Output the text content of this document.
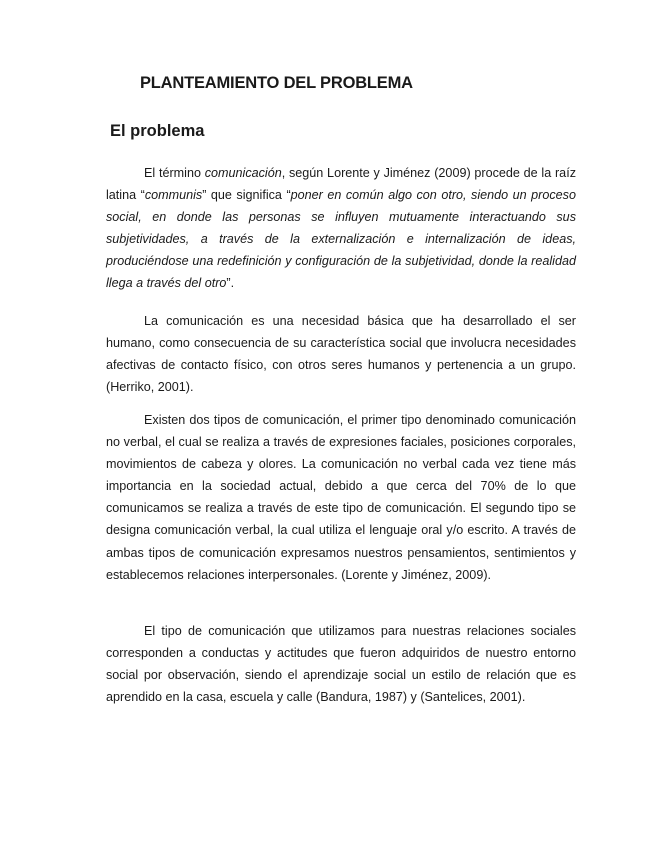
PLANTEAMIENTO DEL PROBLEMA
El problema

El término comunicación, según Lorente y Jiménez (2009) procede de la raíz latina “communis” que significa “poner en común algo con otro, siendo un proceso social, en donde las personas se influyen mutuamente interactuando sus subjetividades, a través de la externalización e internalización de ideas, produciéndose una redefinición y configuración de la subjetividad, donde la realidad llega a través del otro”.

La comunicación es una necesidad básica que ha desarrollado el ser humano, como consecuencia de su característica social que involucra necesidades afectivas de contacto físico, con otros seres humanos y pertenencia a un grupo. (Herriko, 2001).

Existen dos tipos de comunicación, el primer tipo denominado comunicación no verbal, el cual se realiza a través de expresiones faciales, posiciones corporales, movimientos de cabeza y olores. La comunicación no verbal cada vez tiene más importancia en la sociedad actual, debido a que cerca del 70% de lo que comunicamos se realiza a través de este tipo de comunicación. El segundo tipo se designa comunicación verbal, la cual utiliza el lenguaje oral y/o escrito. A través de ambas tipos de comunicación expresamos nuestros pensamientos, sentimientos y establecemos relaciones interpersonales. (Lorente y Jiménez, 2009).

El tipo de comunicación que utilizamos para nuestras relaciones sociales corresponden a conductas y actitudes que fueron adquiridos de nuestro entorno social por observación, siendo el aprendizaje social un estilo de relación que es aprendido en la casa, escuela y calle (Bandura, 1987) y (Santelices, 2001).
